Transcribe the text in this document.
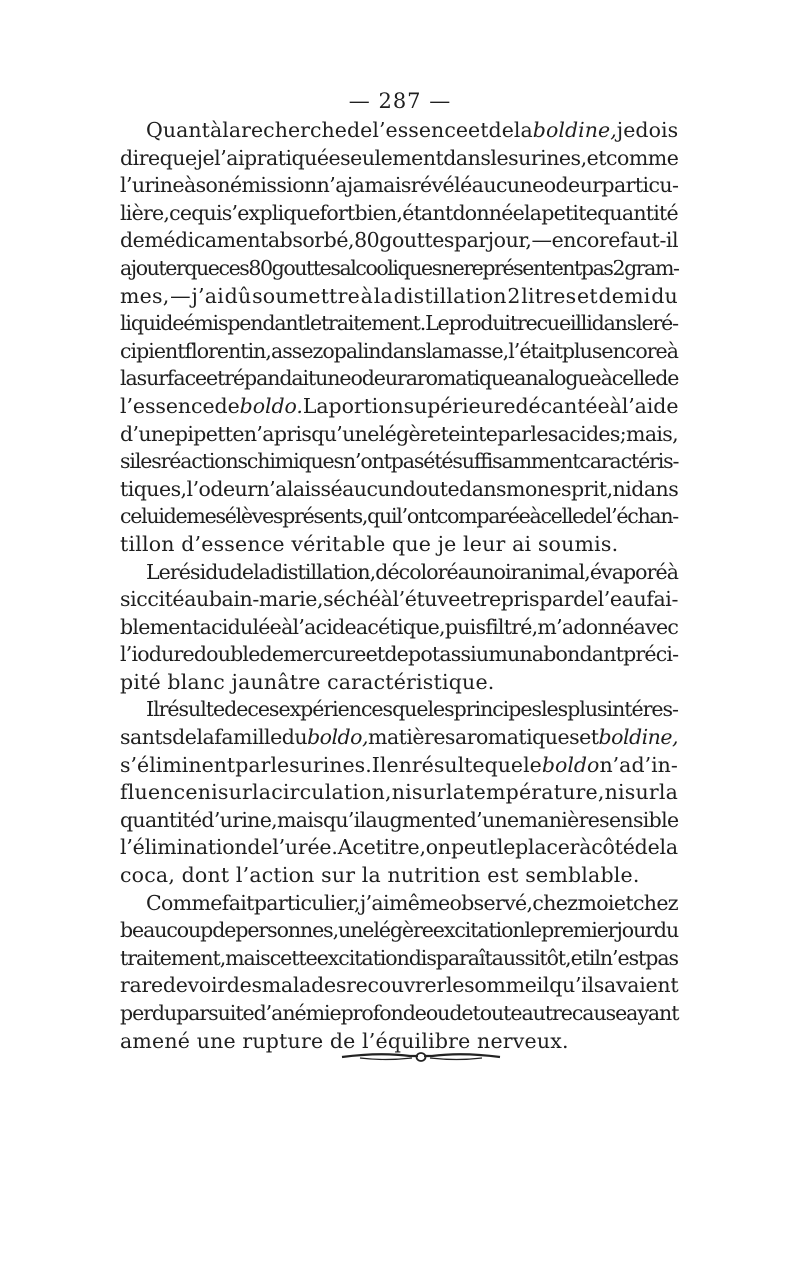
— 287 —
Quant à la recherche de l’essence et de la boldine, je dois
dire que je l’ai pratiquée seulement dans les urines, et comme
l’urine à son émission n’a jamais révélé aucune odeur particu-
lière, ce qui s’explique fort bien, étant donnée la petite quantité
de médicament absorbé, 80 gouttes par jour, — encore faut-il
ajouter que ces 80 gouttes alcooliques ne représentent pas 2 gram-
mes, — j’ai dû soumettre à la distillation 2 litres et demi du
liquide émis pendant le traitement. Le produit recueilli dans le ré-
cipient florentin, assez opalin dans la masse, l’était plus encore à
la surface et répandait une odeur aromatique analogue à celle de
l’essence de boldo. La portion supérieure décantée à l’aide
d’une pipette n’a pris qu’une légère teinte par les acides; mais,
si les réactions chimiques n’ont pas été suffisamment caractéris-
tiques, l’odeur n’a laissé aucun doute dans mon esprit, ni dans
celui de mes élèves présents, qui l’ont comparée à celle de l’échan-
tillon d’essence véritable que je leur ai soumis.
Le résidu de la distillation, décoloré au noir animal, évaporé à
siccité au bain-marie, séché à l’étuve et repris par de l’eau fai-
blement acidulée à l’acide acétique, puis filtré, m’a donné avec
l’iodure double de mercure et de potassium un abondant préci-
pité blanc jaunâtre caractéristique.
Il résulte de ces expériences que les principes les plus intéres-
sants de la famille du boldo, matières aromatiques et boldine,
s’éliminent par les urines. Il en résulte que le boldo n’a d’in-
fluence ni sur la circulation, ni sur la température, ni sur la
quantité d’urine, mais qu’il augmente d’une manière sensible
l’élimination de l’urée. A ce titre, on peut le placer à côté de la
coca, dont l’action sur la nutrition est semblable.
Comme fait particulier, j’ai même observé, chez moi et chez
beaucoup de personnes, une légère excitation le premier jour du
traitement, mais cette excitation disparaît aussitôt, et il n’est pas
rare de voir des malades recouvrer le sommeil qu’ils avaient
perdu par suite d’anémie profonde ou de toute autre cause ayant
amené une rupture de l’équilibre nerveux.
